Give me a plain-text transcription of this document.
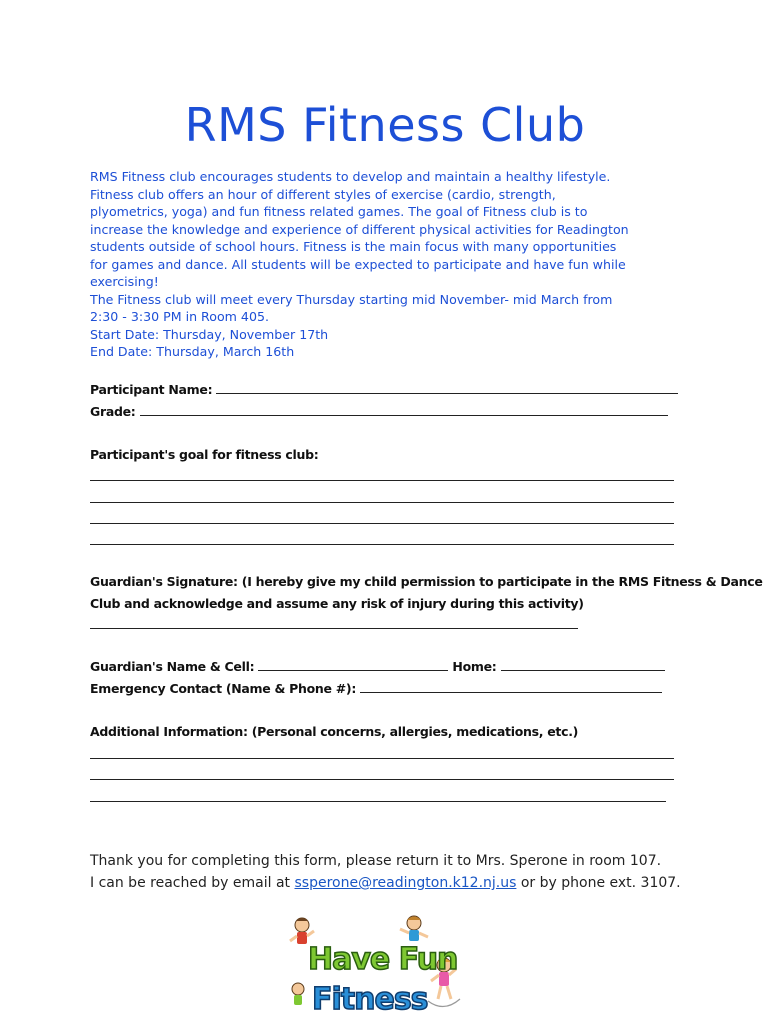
RMS Fitness Club

RMS Fitness club encourages students to develop and maintain a healthy lifestyle.

Fitness club offers an hour of different styles of exercise (cardio, strength,

plyometrics, yoga) and fun fitness related games. The goal of Fitness club is to

increase the knowledge and experience of different physical activities for Readington

students outside of school hours. Fitness is the main focus with many opportunities

for games and dance. All students will be expected to participate and have fun while

exercising!

The Fitness club will meet every Thursday starting mid November- mid March from

2:30 - 3:30 PM in Room 405.

Start Date: Thursday, November 17th

End Date: Thursday, March 16th

Participant Name:
Grade:
Participant's goal for fitness club:
Guardian's Signature: (I hereby give my child permission to participate in the RMS Fitness & Dance
Club and acknowledge and assume any risk of injury during this activity)
Guardian's Name & Cell:	Home:
Emergency Contact (Name & Phone #):
Additional Information: (Personal concerns, allergies, medications, etc.)
Thank you for completing this form, please return it to Mrs. Sperone in room 107.
I can be reached by email at ssperone@readington.k12.nj.us or by phone ext. 3107.
Have Fun
Fitness
